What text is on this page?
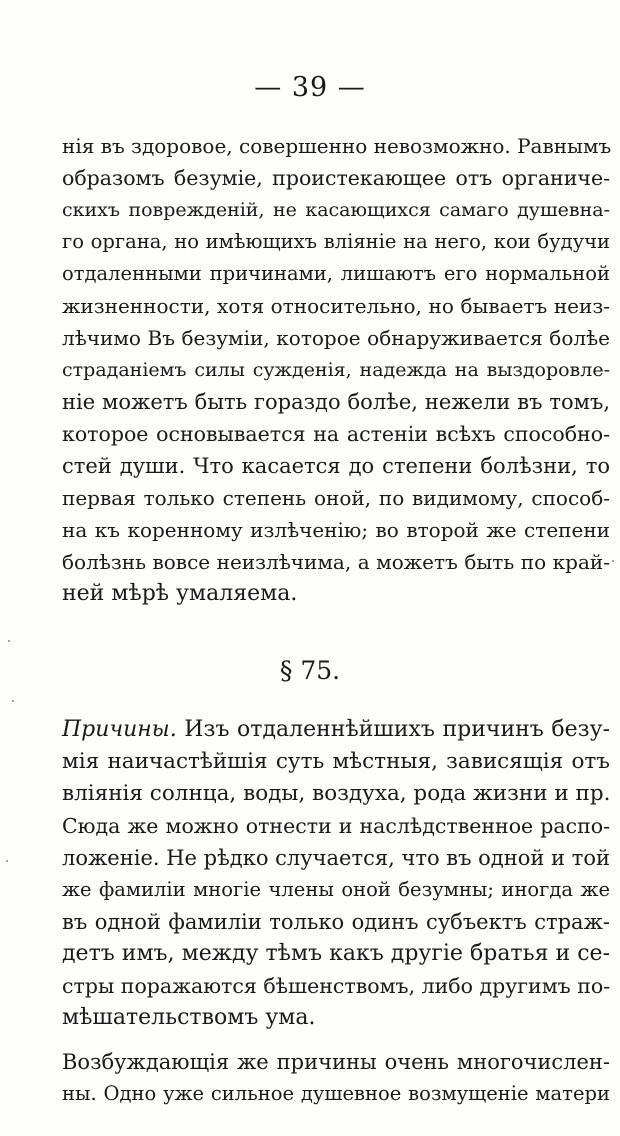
— 39 —
нія въ здоровое, совершенно невозможно. Равнымъ
образомъ безуміе, проистекающее отъ органиче-
скихъ поврежденій, не касающихся самаго душевна-
го органа, но имѣющихъ вліяніе на него, кои будучи
отдаленными причинами, лишаютъ его нормальной
жизненности, хотя относительно, но бываетъ неиз-
лѣчимо Въ безуміи, которое обнаруживается болѣе
страданіемъ силы сужденія, надежда на выздоровле-
ніе можетъ быть гораздо болѣе, нежели въ томъ,
которое основывается на астеніи всѣхъ способно-
стей души. Что касается до степени болѣзни, то
первая только степень оной, по видимому, способ-
на къ коренному излѣченію; во второй же степени
болѣзнь вовсе неизлѣчима, а можетъ быть по край-
ней мѣрѣ умаляема.
§ 75.
Причины. Изъ отдаленнѣйшихъ причинъ безу-
мія наичастѣйшія суть мѣстныя, зависящія отъ
вліянія солнца, воды, воздуха, рода жизни и пр.
Сюда же можно отнести и наслѣдственное распо-
ложеніе. Не рѣдко случается, что въ одной и той
же фамиліи многіе члены оной безумны; иногда же
въ одной фамиліи только одинъ субъектъ страж-
детъ имъ, между тѣмъ какъ другіе братья и се-
стры поражаются бѣшенствомъ, либо другимъ по-
мѣшательствомъ ума.
Возбуждающія же причины очень многочислен-
ны. Одно уже сильное душевное возмущеніе матери
